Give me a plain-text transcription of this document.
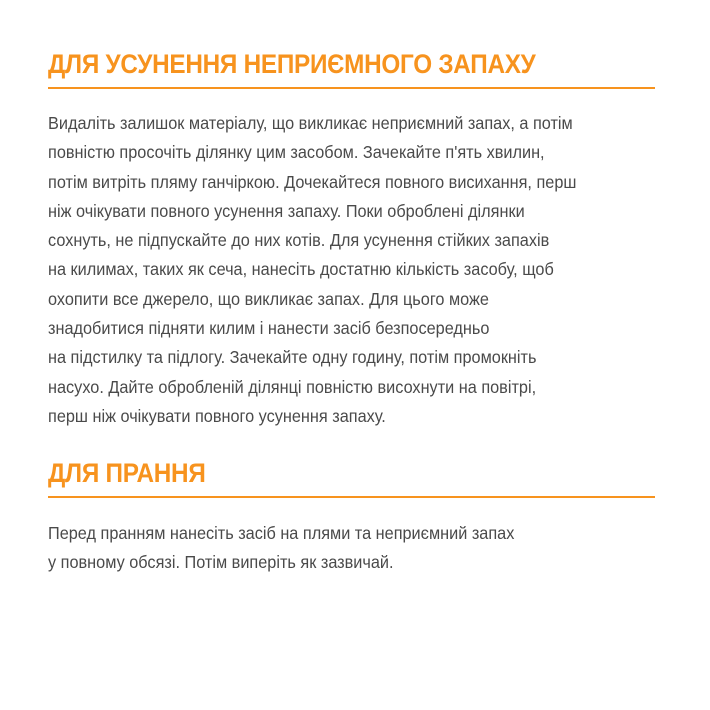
ДЛЯ УСУНЕННЯ НЕПРИЄМНОГО ЗАПАХУ
Видаліть залишок матеріалу, що викликає неприємний запах, а потім
повністю просочіть ділянку цим засобом. Зачекайте п'ять хвилин,
потім витріть пляму ганчіркою. Дочекайтеся повного висихання, перш
ніж очікувати повного усунення запаху. Поки оброблені ділянки
сохнуть, не підпускайте до них котів. Для усунення стійких запахів
на килимах, таких як сеча, нанесіть достатню кількість засобу, щоб
охопити все джерело, що викликає запах. Для цього може
знадобитися підняти килим і нанести засіб безпосередньо
на підстилку та підлогу. Зачекайте одну годину, потім промокніть
насухо. Дайте обробленій ділянці повністю висохнути на повітрі,
перш ніж очікувати повного усунення запаху.
ДЛЯ ПРАННЯ
Перед пранням нанесіть засіб на плями та неприємний запах
у повному обсязі. Потім виперіть як зазвичай.
